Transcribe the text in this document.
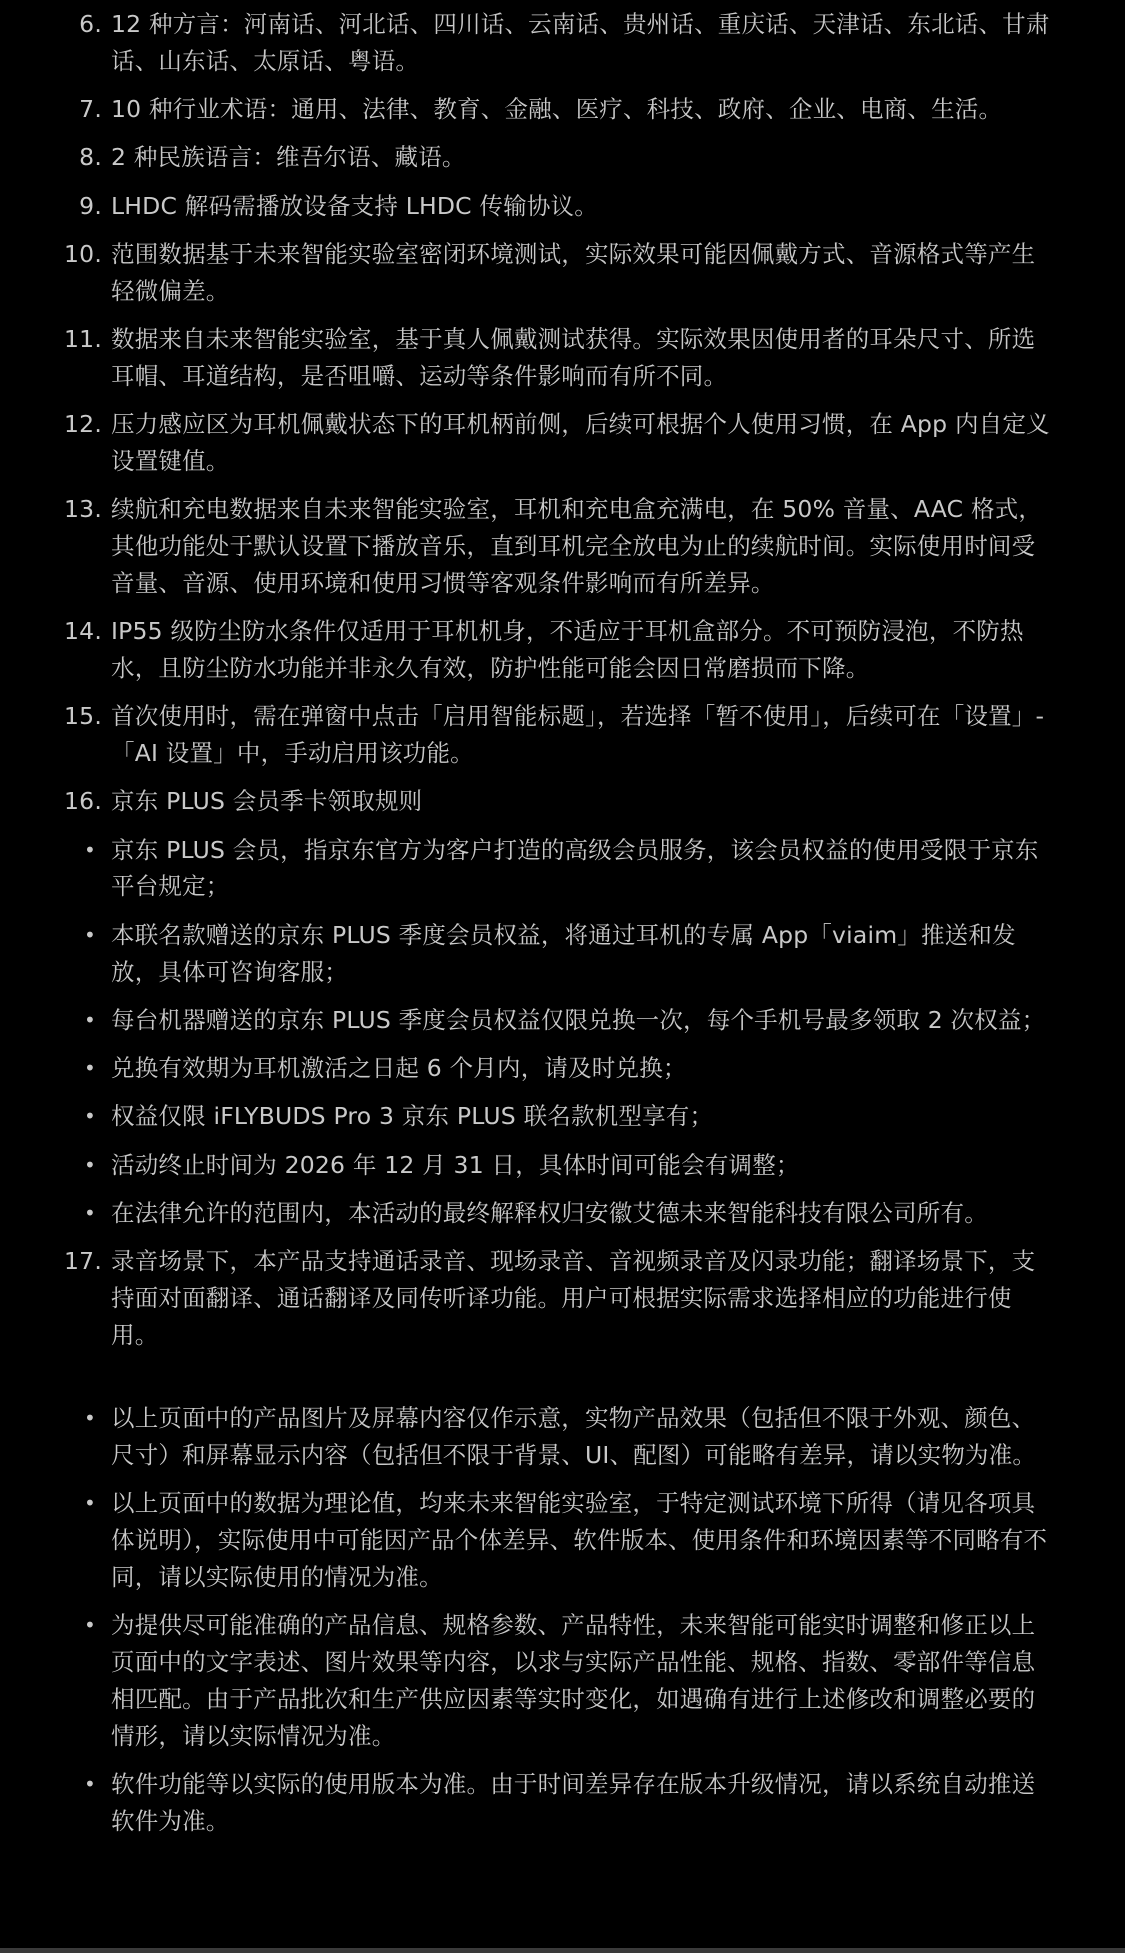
6. 12 种方言：河南话、河北话、四川话、云南话、贵州话、重庆话、天津话、东北话、甘肃话、山东话、太原话、粤语。
7. 10 种行业术语：通用、法律、教育、金融、医疗、科技、政府、企业、电商、生活。
8. 2 种民族语言：维吾尔语、藏语。
9. LHDC 解码需播放设备支持 LHDC 传输协议。
10. 范围数据基于未来智能实验室密闭环境测试，实际效果可能因佩戴方式、音源格式等产生轻微偏差。
11. 数据来自未来智能实验室，基于真人佩戴测试获得。实际效果因使用者的耳朵尺寸、所选耳帽、耳道结构，是否咀嚼、运动等条件影响而有所不同。
12. 压力感应区为耳机佩戴状态下的耳机柄前侧，后续可根据个人使用习惯，在 App 内自定义设置键值。
13. 续航和充电数据来自未来智能实验室，耳机和充电盒充满电，在 50% 音量、AAC 格式，其他功能处于默认设置下播放音乐，直到耳机完全放电为止的续航时间。实际使用时间受音量、音源、使用环境和使用习惯等客观条件影响而有所差异。
14. IP55 级防尘防水条件仅适用于耳机机身，不适应于耳机盒部分。不可预防浸泡，不防热水，且防尘防水功能并非永久有效，防护性能可能会因日常磨损而下降。
15. 首次使用时，需在弹窗中点击「启用智能标题」，若选择「暂不使用」，后续可在「设置」-「AI 设置」中，手动启用该功能。
16. 京东 PLUS 会员季卡领取规则
• 京东 PLUS 会员，指京东官方为客户打造的高级会员服务，该会员权益的使用受限于京东平台规定；
• 本联名款赠送的京东 PLUS 季度会员权益，将通过耳机的专属 App「viaim」推送和发放，具体可咨询客服；
• 每台机器赠送的京东 PLUS 季度会员权益仅限兑换一次，每个手机号最多领取 2 次权益；
• 兑换有效期为耳机激活之日起 6 个月内，请及时兑换；
• 权益仅限 iFLYBUDS Pro 3 京东 PLUS 联名款机型享有；
• 活动终止时间为 2026 年 12 月 31 日，具体时间可能会有调整；
• 在法律允许的范围内，本活动的最终解释权归安徽艾德未来智能科技有限公司所有。
17. 录音场景下，本产品支持通话录音、现场录音、音视频录音及闪录功能；翻译场景下，支持面对面翻译、通话翻译及同传听译功能。用户可根据实际需求选择相应的功能进行使用。
• 以上页面中的产品图片及屏幕内容仅作示意，实物产品效果（包括但不限于外观、颜色、尺寸）和屏幕显示内容（包括但不限于背景、UI、配图）可能略有差异，请以实物为准。
• 以上页面中的数据为理论值，均来未来智能实验室，于特定测试环境下所得（请见各项具体说明），实际使用中可能因产品个体差异、软件版本、使用条件和环境因素等不同略有不同，请以实际使用的情况为准。
• 为提供尽可能准确的产品信息、规格参数、产品特性，未来智能可能实时调整和修正以上页面中的文字表述、图片效果等内容，以求与实际产品性能、规格、指数、零部件等信息相匹配。由于产品批次和生产供应因素等实时变化，如遇确有进行上述修改和调整必要的情形，请以实际情况为准。
• 软件功能等以实际的使用版本为准。由于时间差异存在版本升级情况，请以系统自动推送软件为准。
